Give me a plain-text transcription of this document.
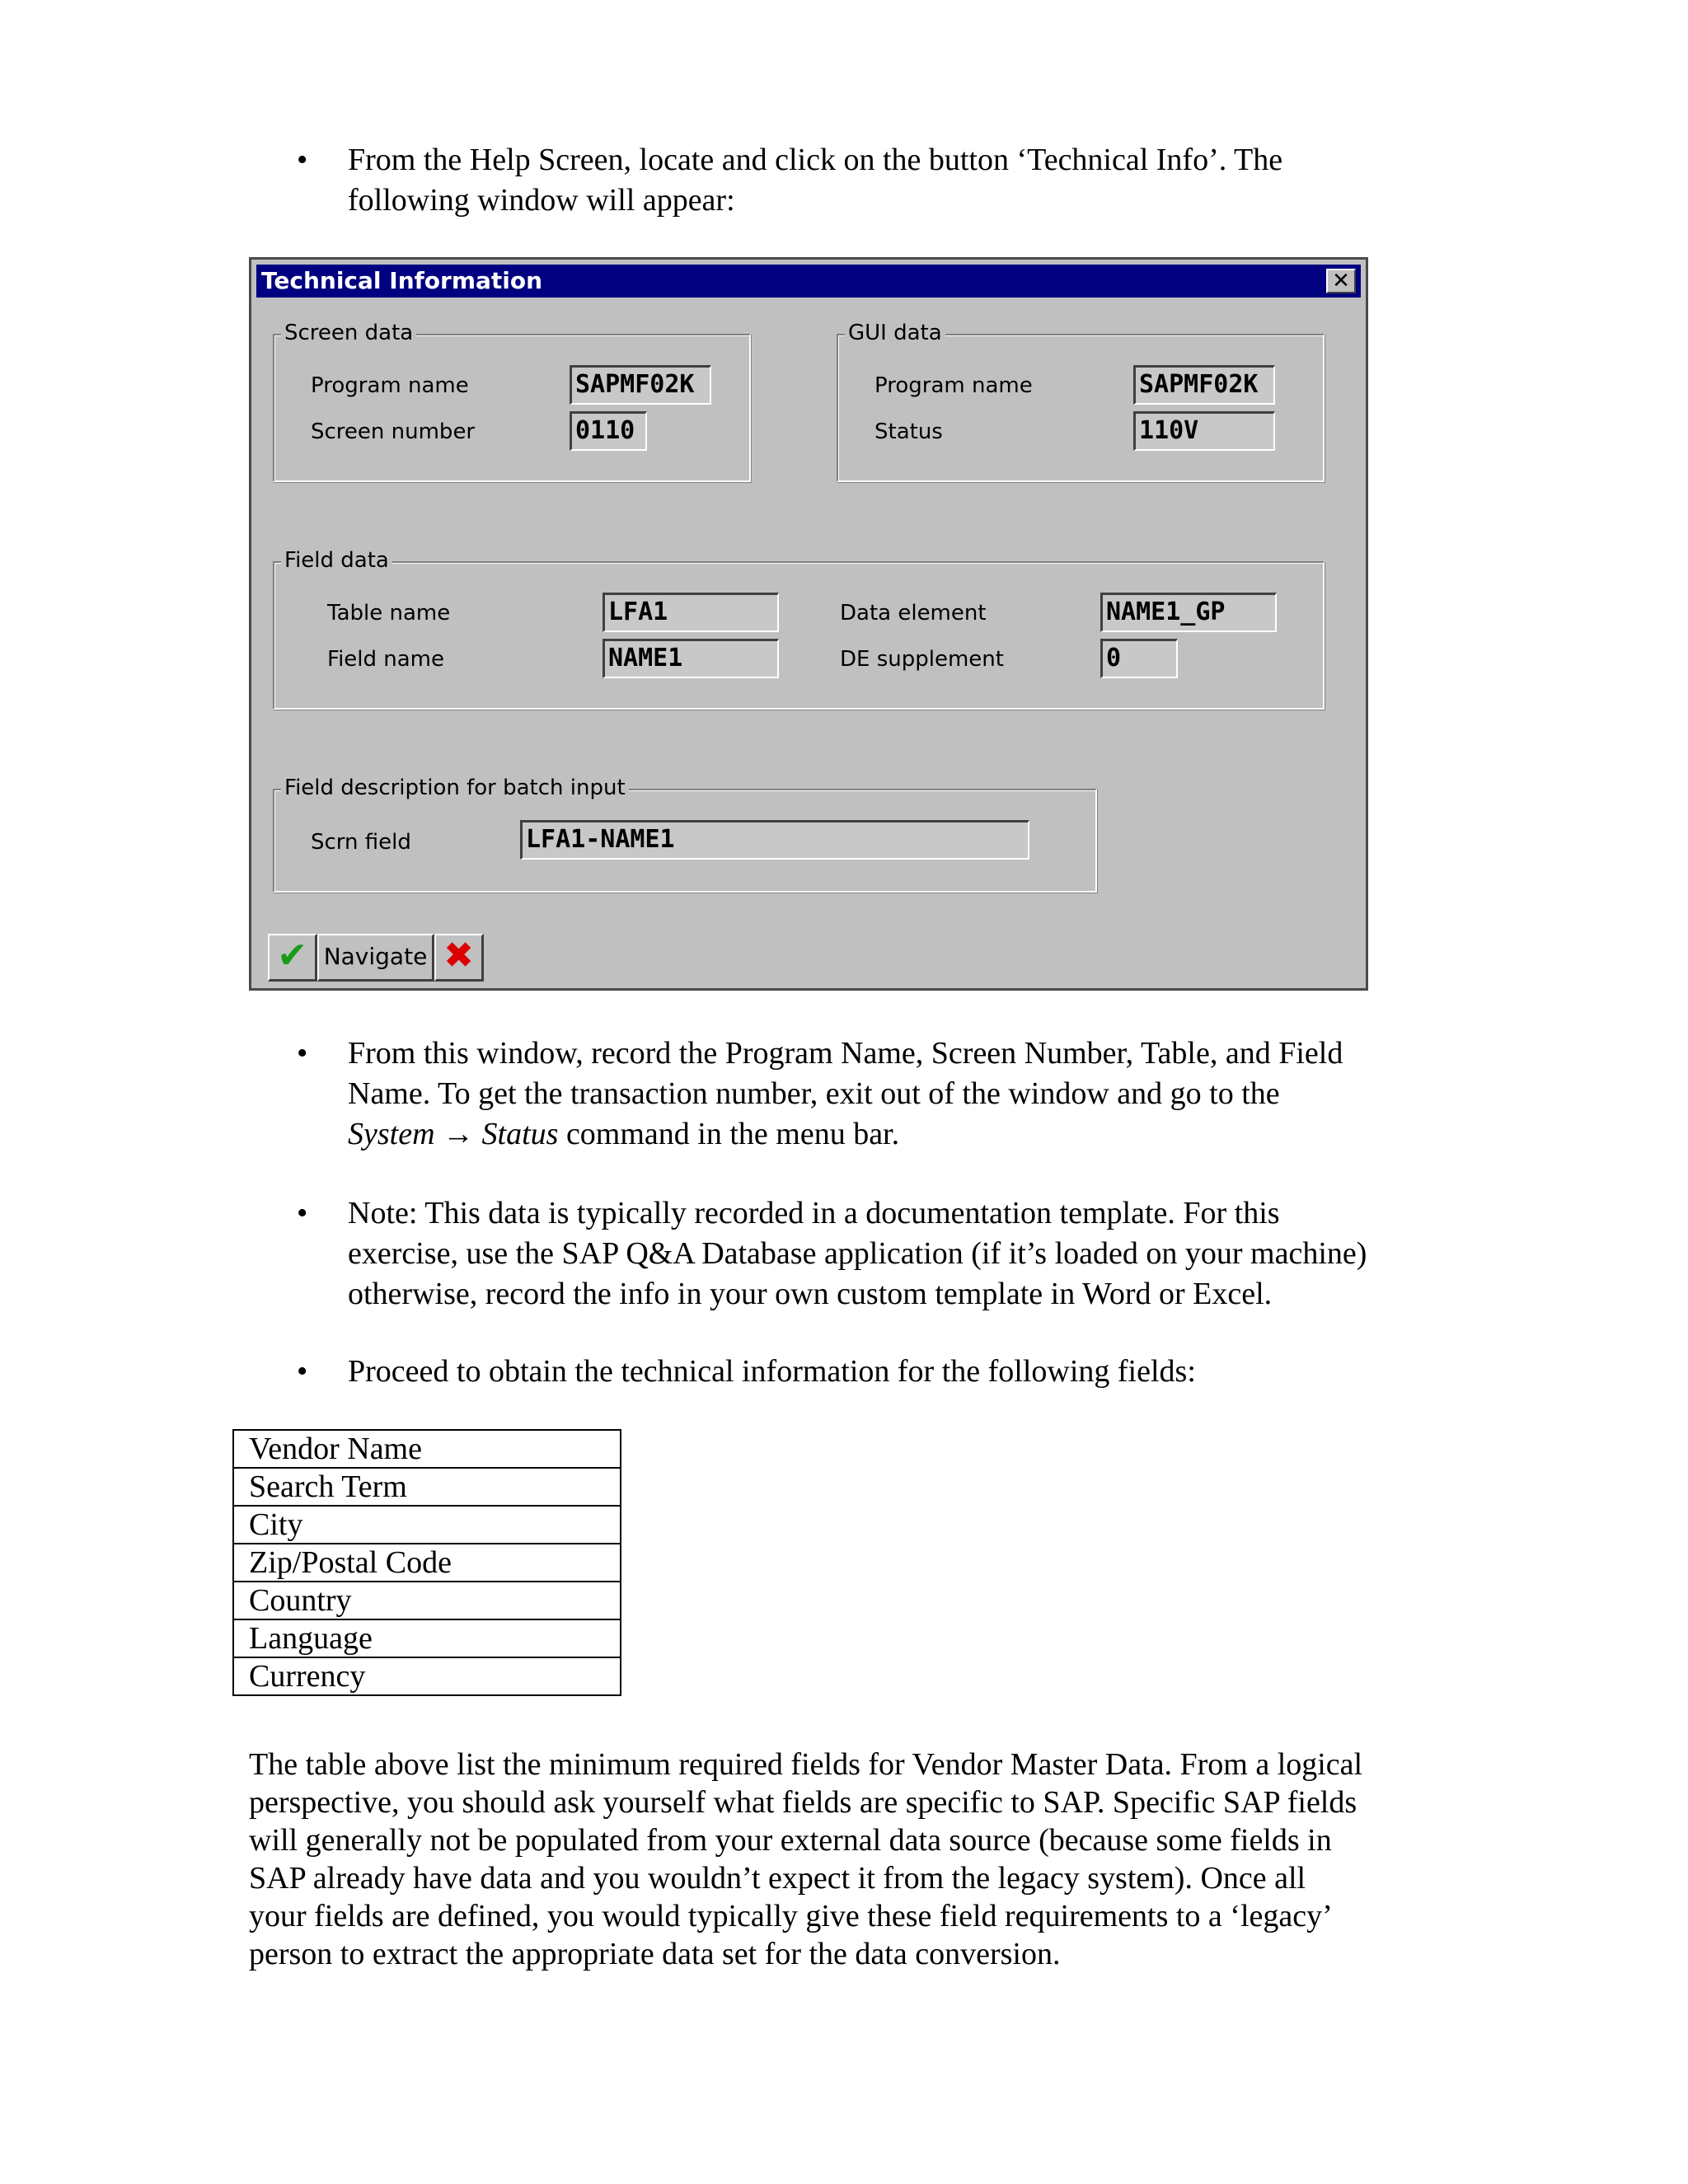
• From the Help Screen, locate and click on the button ‘Technical Info’. The
following window will appear:
Technical Information	✕
Screen data
Program name	SAPMF02K
Screen number	0110
GUI data
Program name	SAPMF02K
Status	110V
Field data
Table name	LFA1
Field name	NAME1
Data element	NAME1_GP
DE supplement	0
Field description for batch input
Scrn field	LFA1-NAME1
✔ Navigate ✖
• From this window, record the Program Name, Screen Number, Table, and Field
Name. To get the transaction number, exit out of the window and go to the
System → Status command in the menu bar.
• Note: This data is typically recorded in a documentation template. For this
exercise, use the SAP Q&A Database application (if it’s loaded on your machine)
otherwise, record the info in your own custom template in Word or Excel.
• Proceed to obtain the technical information for the following fields:
Vendor Name
Search Term
City
Zip/Postal Code
Country
Language
Currency
The table above list the minimum required fields for Vendor Master Data. From a logical
perspective, you should ask yourself what fields are specific to SAP. Specific SAP fields
will generally not be populated from your external data source (because some fields in
SAP already have data and you wouldn’t expect it from the legacy system). Once all
your fields are defined, you would typically give these field requirements to a ‘legacy’
person to extract the appropriate data set for the data conversion.
